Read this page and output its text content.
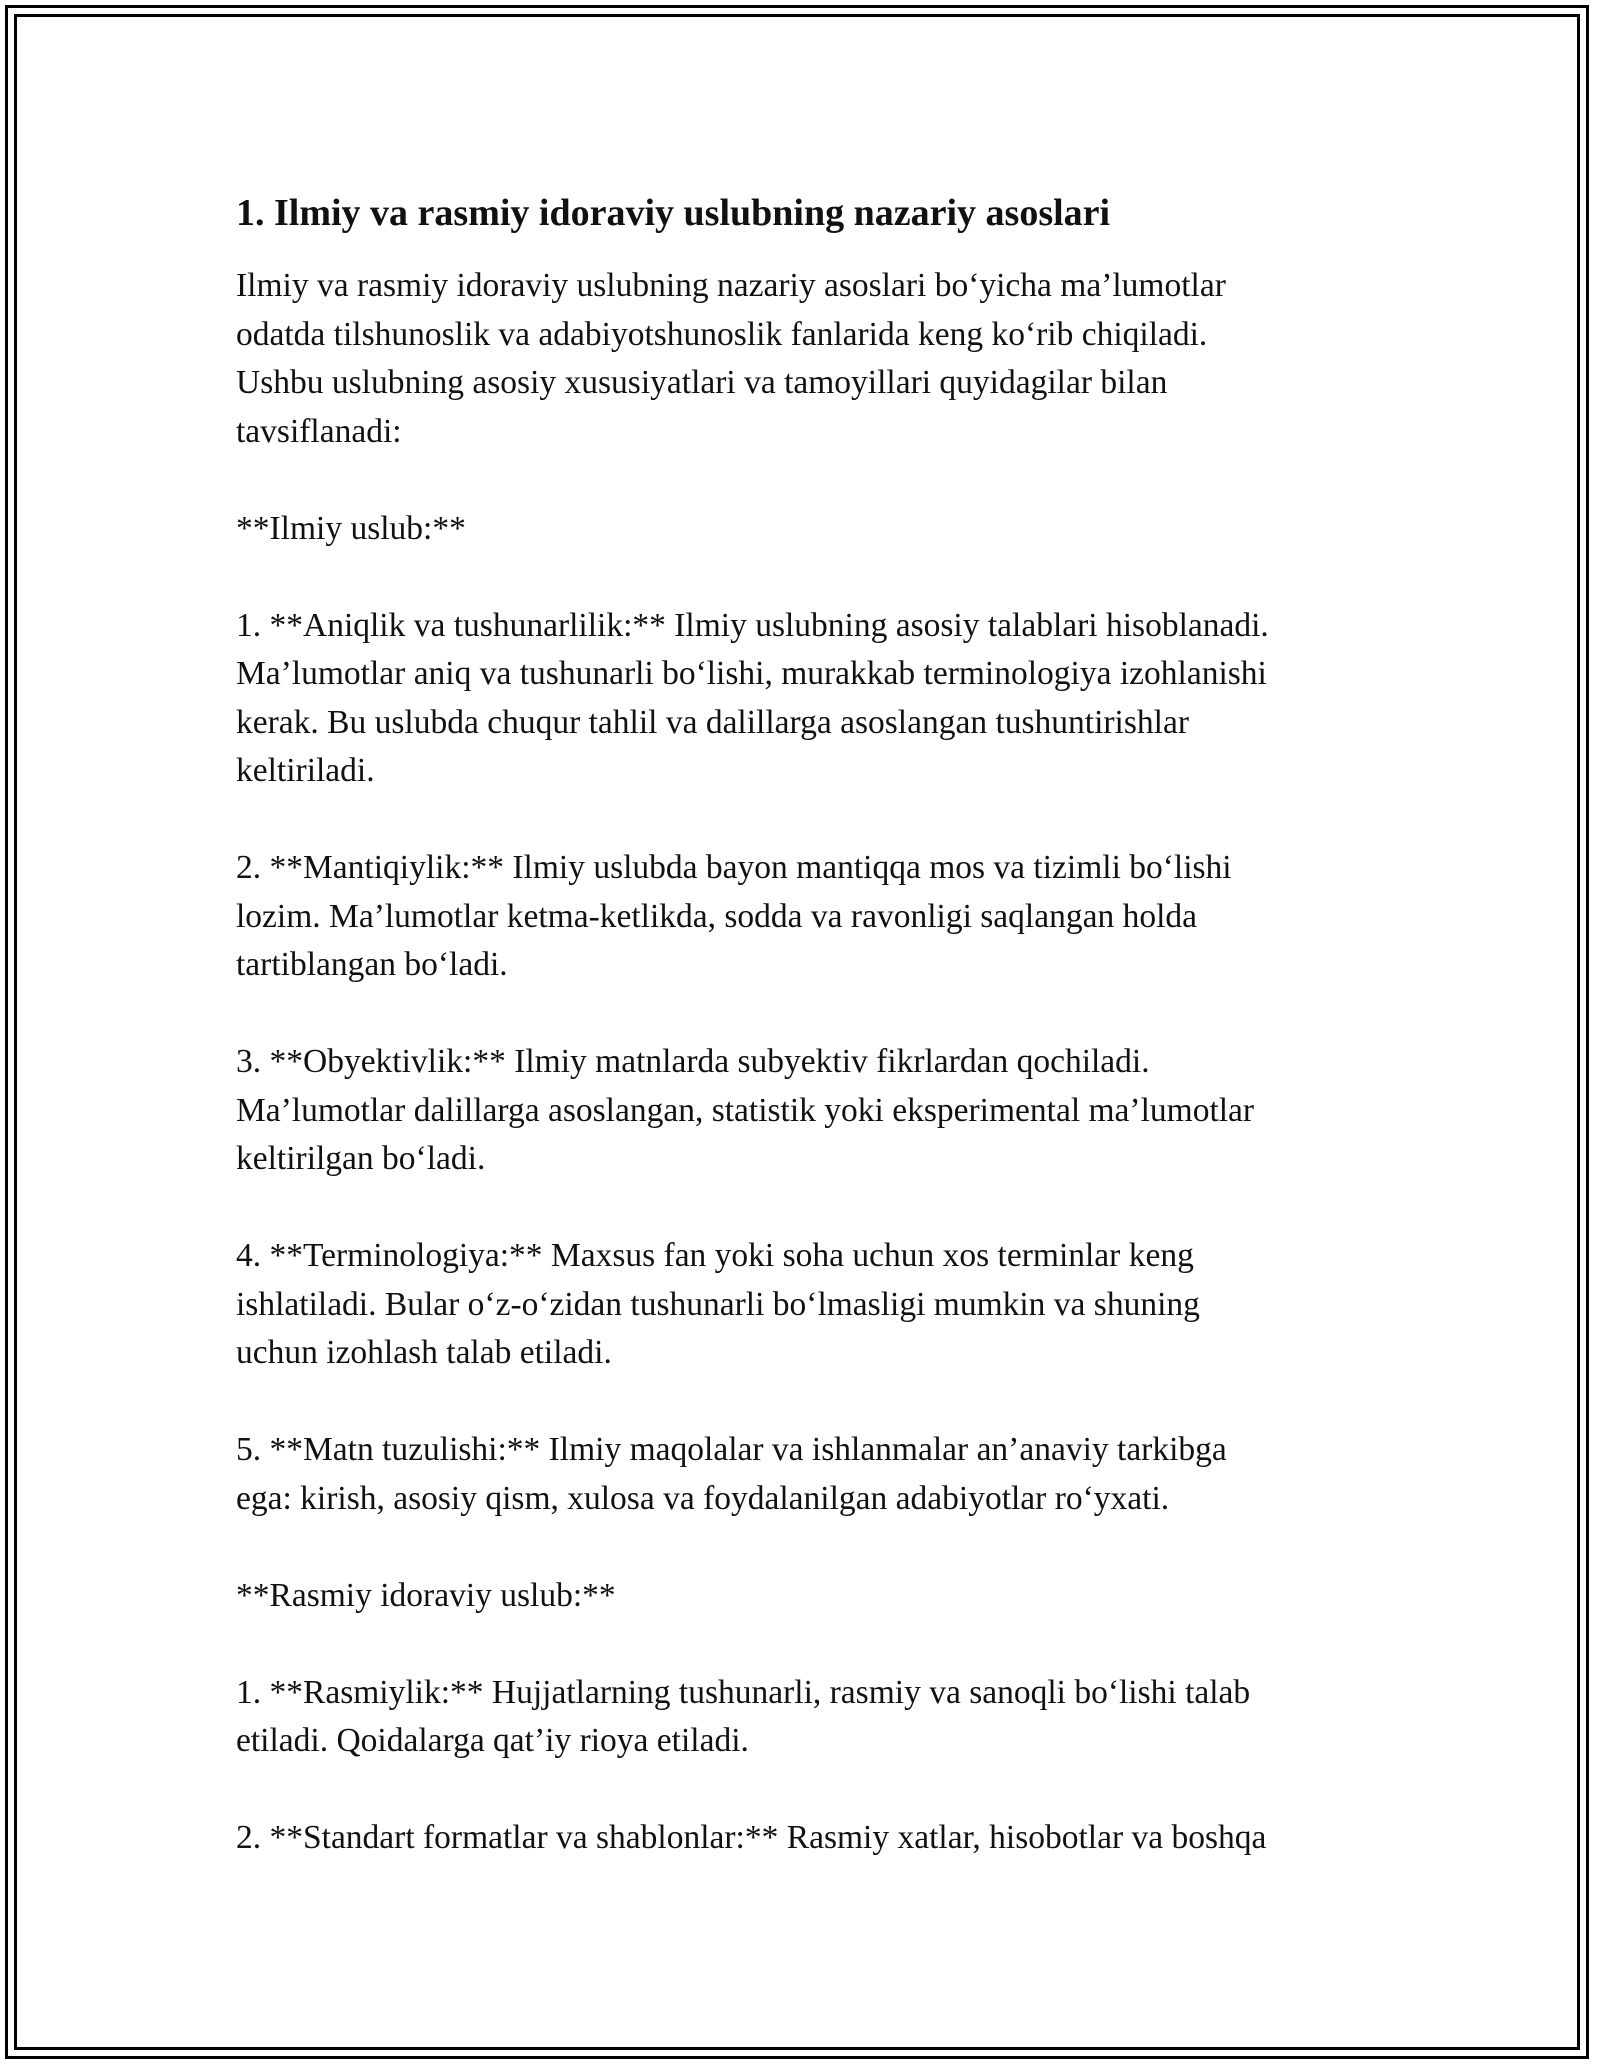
1. Ilmiy va rasmiy idoraviy uslubning nazariy asoslari

Ilmiy va rasmiy idoraviy uslubning nazariy asoslari bo‘yicha ma’lumotlar
odatda tilshunoslik va adabiyotshunoslik fanlarida keng ko‘rib chiqiladi.
Ushbu uslubning asosiy xususiyatlari va tamoyillari quyidagilar bilan
tavsiflanadi:

**Ilmiy uslub:**

1. **Aniqlik va tushunarlilik:** Ilmiy uslubning asosiy talablari hisoblanadi.
Ma’lumotlar aniq va tushunarli bo‘lishi, murakkab terminologiya izohlanishi
kerak. Bu uslubda chuqur tahlil va dalillarga asoslangan tushuntirishlar
keltiriladi.

2. **Mantiqiylik:** Ilmiy uslubda bayon mantiqqa mos va tizimli bo‘lishi
lozim. Ma’lumotlar ketma-ketlikda, sodda va ravonligi saqlangan holda
tartiblangan bo‘ladi.

3. **Obyektivlik:** Ilmiy matnlarda subyektiv fikrlardan qochiladi.
Ma’lumotlar dalillarga asoslangan, statistik yoki eksperimental ma’lumotlar
keltirilgan bo‘ladi.

4. **Terminologiya:** Maxsus fan yoki soha uchun xos terminlar keng
ishlatiladi. Bular o‘z-o‘zidan tushunarli bo‘lmasligi mumkin va shuning
uchun izohlash talab etiladi.

5. **Matn tuzulishi:** Ilmiy maqolalar va ishlanmalar an’anaviy tarkibga
ega: kirish, asosiy qism, xulosa va foydalanilgan adabiyotlar ro‘yxati.

**Rasmiy idoraviy uslub:**

1. **Rasmiylik:** Hujjatlarning tushunarli, rasmiy va sanoqli bo‘lishi talab
etiladi. Qoidalarga qat’iy rioya etiladi.

2. **Standart formatlar va shablonlar:** Rasmiy xatlar, hisobotlar va boshqa
